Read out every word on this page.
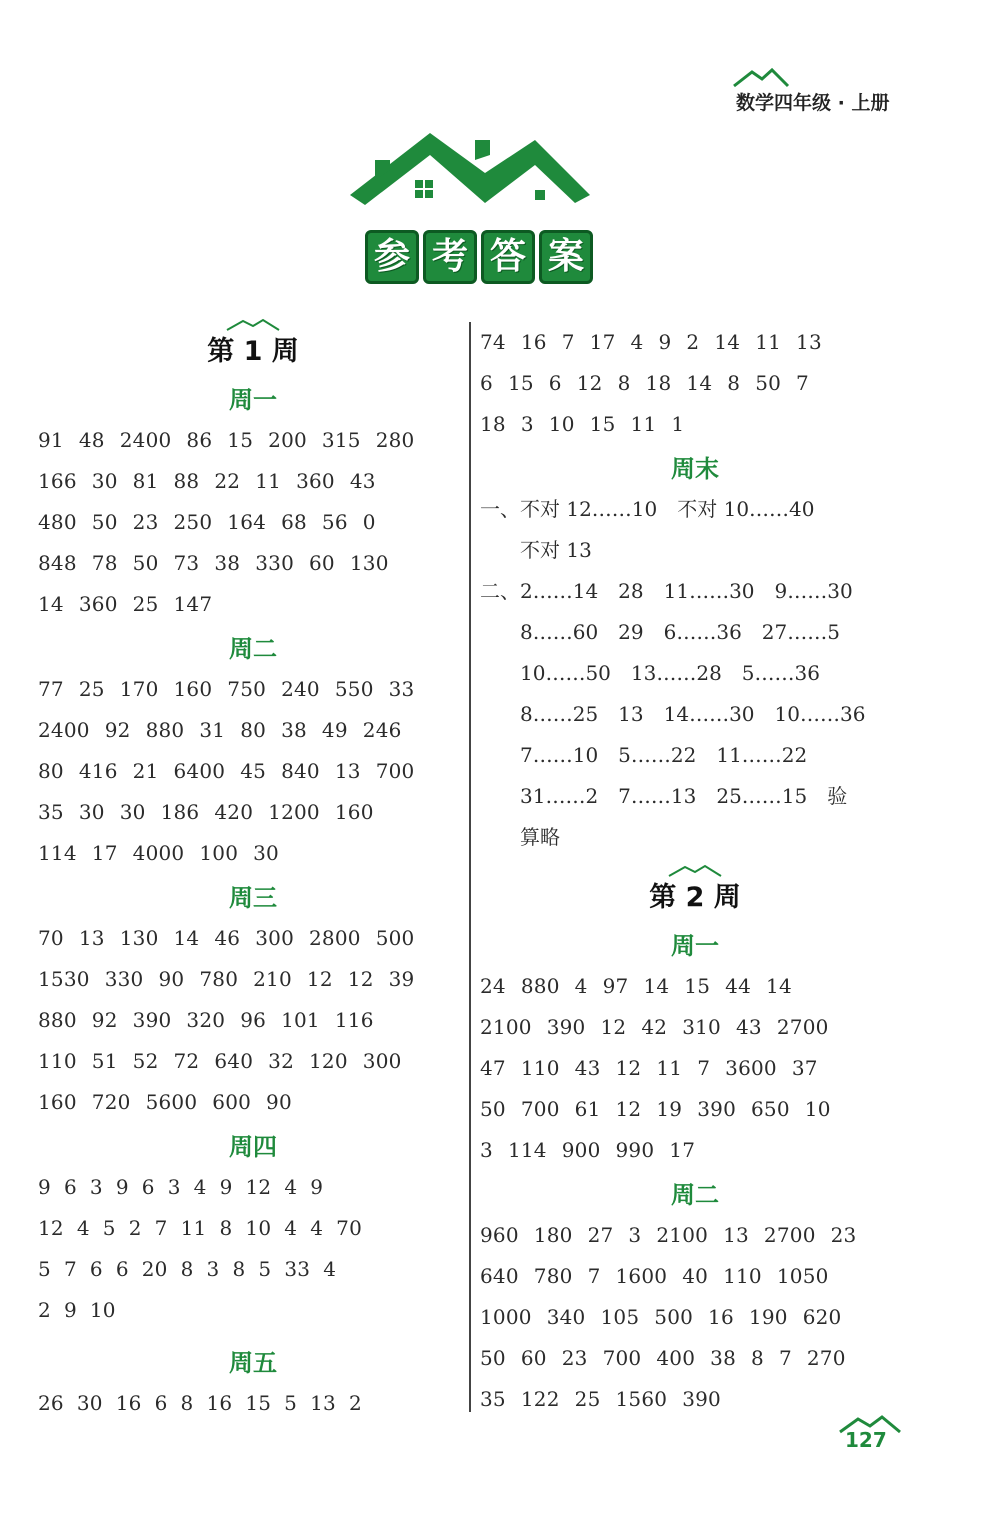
数学四年级 · 上册
参 考 答 案
第 1 周
周一
91 48 2400 86 15 200 315 280
166 30 81 88 22 11 360 43
480 50 23 250 164 68 56 0
848 78 50 73 38 330 60 130
14 360 25 147
周二
77 25 170 160 750 240 550 33
2400 92 880 31 80 38 49 246
80 416 21 6400 45 840 13 700
35 30 30 186 420 1200 160
114 17 4000 100 30
周三
70 13 130 14 46 300 2800 500
1530 330 90 780 210 12 12 39
880 92 390 320 96 101 116
110 51 52 72 640 32 120 300
160 720 5600 600 90
周四
9 6 3 9 6 3 4 9 12 4 9
12 4 5 2 7 11 8 10 4 4 70
5 7 6 6 20 8 3 8 5 33 4
2 9 10
周五
26 30 16 6 8 16 15 5 13 2
74 16 7 17 4 9 2 14 11 13
6 15 6 12 8 18 14 8 50 7
18 3 10 15 11 1
周末
一、不对 12……10　不对 10……40
不对 13
二、2……14　28　11……30　9……30
8……60　29　6……36　27……5
10……50　13……28　5……36
8……25　13　14……30　10……36
7……10　5……22　11……22
31……2　7……13　25……15　验
算略
第 2 周
周一
24 880 4 97 14 15 44 14
2100 390 12 42 310 43 2700
47 110 43 12 11 7 3600 37
50 700 61 12 19 390 650 10
3 114 900 990 17
周二
960 180 27 3 2100 13 2700 23
640 780 7 1600 40 110 1050
1000 340 105 500 16 190 620
50 60 23 700 400 38 8 7 270
35 122 25 1560 390
127
